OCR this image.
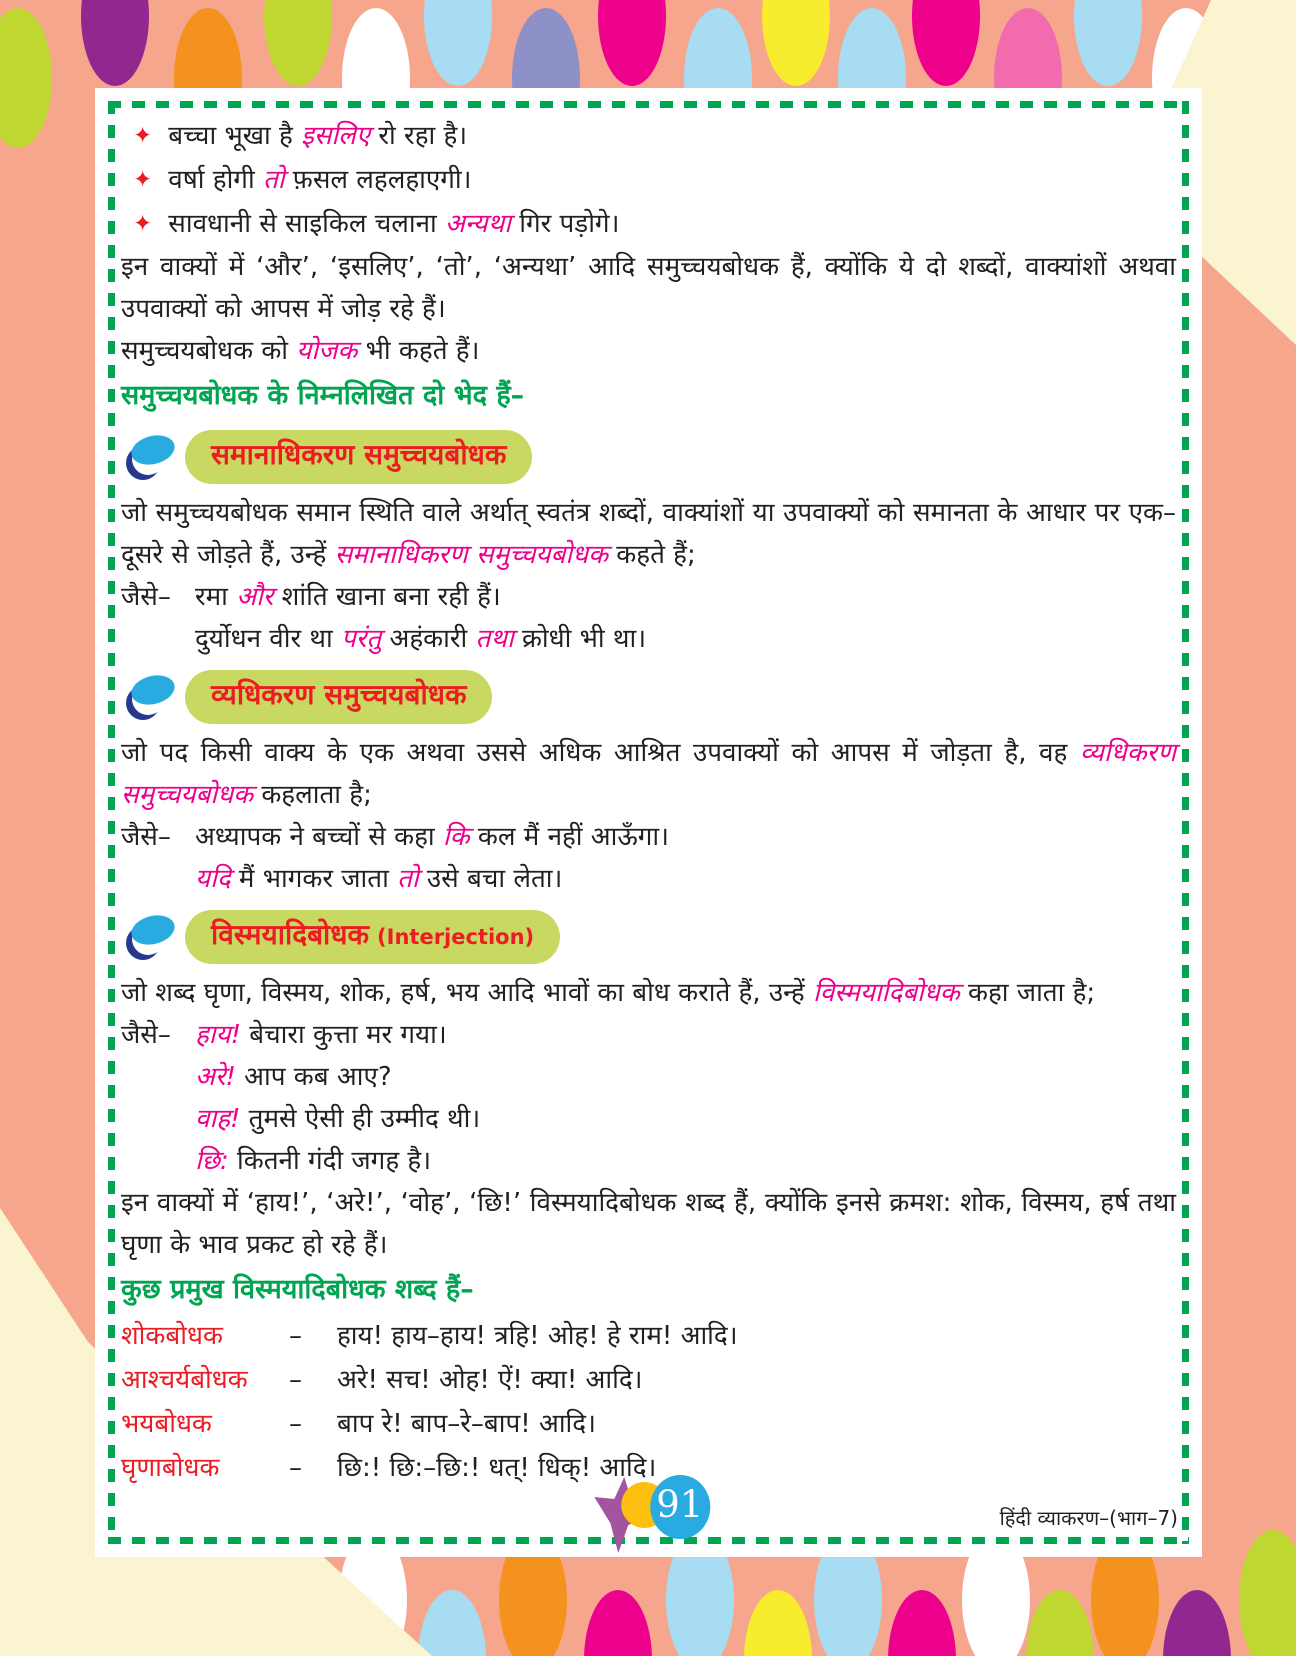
✦ बच्चा भूखा है इसलिए रो रहा है।
✦ वर्षा होगी तो फ़सल लहलहाएगी।
✦ सावधानी से साइकिल चलाना अन्यथा गिर पड़ोगे।
इन वाक्यों में ‘और’, ‘इसलिए’, ‘तो’, ‘अन्यथा’ आदि समुच्चयबोधक हैं, क्योंकि ये दो शब्दों, वाक्यांशों अथवा उपवाक्यों को आपस में जोड़ रहे हैं।
समुच्चयबोधक को योजक भी कहते हैं।
समुच्चयबोधक के निम्नलिखित दो भेद हैं–
समानाधिकरण समुच्चयबोधक
जो समुच्चयबोधक समान स्थिति वाले अर्थात् स्वतंत्र शब्दों, वाक्यांशों या उपवाक्यों को समानता के आधार पर एक–दूसरे से जोड़ते हैं, उन्हें समानाधिकरण समुच्चयबोधक कहते हैं;
जैसे– रमा और शांति खाना बना रही हैं।
दुर्योधन वीर था परंतु अहंकारी तथा क्रोधी भी था।
व्यधिकरण समुच्चयबोधक
जो पद किसी वाक्य के एक अथवा उससे अधिक आश्रित उपवाक्यों को आपस में जोड़ता है, वह व्यधिकरण समुच्चयबोधक कहलाता है;
जैसे– अध्यापक ने बच्चों से कहा कि कल मैं नहीं आऊँगा।
यदि मैं भागकर जाता तो उसे बचा लेता।
विस्मयादिबोधक (Interjection)
जो शब्द घृणा, विस्मय, शोक, हर्ष, भय आदि भावों का बोध कराते हैं, उन्हें विस्मयादिबोधक कहा जाता है;
जैसे– हाय! बेचारा कुत्ता मर गया।
अरे! आप कब आए?
वाह! तुमसे ऐसी ही उम्मीद थी।
छि: कितनी गंदी जगह है।
इन वाक्यों में ‘हाय!’, ‘अरे!’, ‘वोह’, ‘छि!’ विस्मयादिबोधक शब्द हैं, क्योंकि इनसे क्रमश: शोक, विस्मय, हर्ष तथा घृणा के भाव प्रकट हो रहे हैं।
कुछ प्रमुख विस्मयादिबोधक शब्द हैं–
शोकबोधक	–	हाय! हाय–हाय! त्रहि! ओह! हे राम! आदि।
आश्चर्यबोधक	–	अरे! सच! ओह! ऐं! क्या! आदि।
भयबोधक	–	बाप रे! बाप–रे–बाप! आदि।
घृणाबोधक	–	छि:! छि:–छि:! धत्! धिक्! आदि।
91	हिंदी व्याकरण–(भाग–7)
